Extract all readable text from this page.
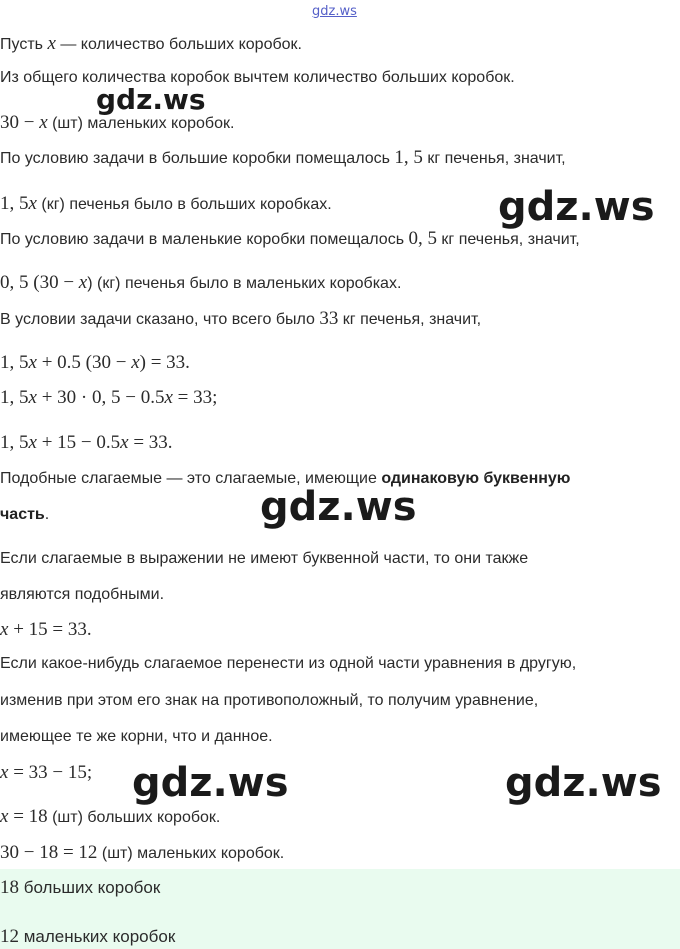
gdz.ws
Пусть x — количество больших коробок.
Из общего количества коробок вычтем количество больших коробок.
30 − x (шт) маленьких коробок.
По условию задачи в большие коробки помещалось 1, 5 кг печенья, значит,
1, 5x (кг) печенья было в больших коробках.
По условию задачи в маленькие коробки помещалось 0, 5 кг печенья, значит,
0, 5 (30 − x) (кг) печенья было в маленьких коробках.
В условии задачи сказано, что всего было 33 кг печенья, значит,
1, 5x + 0.5 (30 − x) = 33.
1, 5x + 30 · 0, 5 − 0.5x = 33;
1, 5x + 15 − 0.5x = 33.
Подобные слагаемые — это слагаемые, имеющие одинаковую буквенную
часть.
Если слагаемые в выражении не имеют буквенной части, то они также
являются подобными.
x + 15 = 33.
Если какое-нибудь слагаемое перенести из одной части уравнения в другую,
изменив при этом его знак на противоположный, то получим уравнение,
имеющее те же корни, что и данное.
x = 33 − 15;
x = 18 (шт) больших коробок.
30 − 18 = 12 (шт) маленьких коробок.
18 больших коробок
12 маленьких коробок
gdz.ws
gdz.ws
gdz.ws
gdz.ws	gdz.ws
